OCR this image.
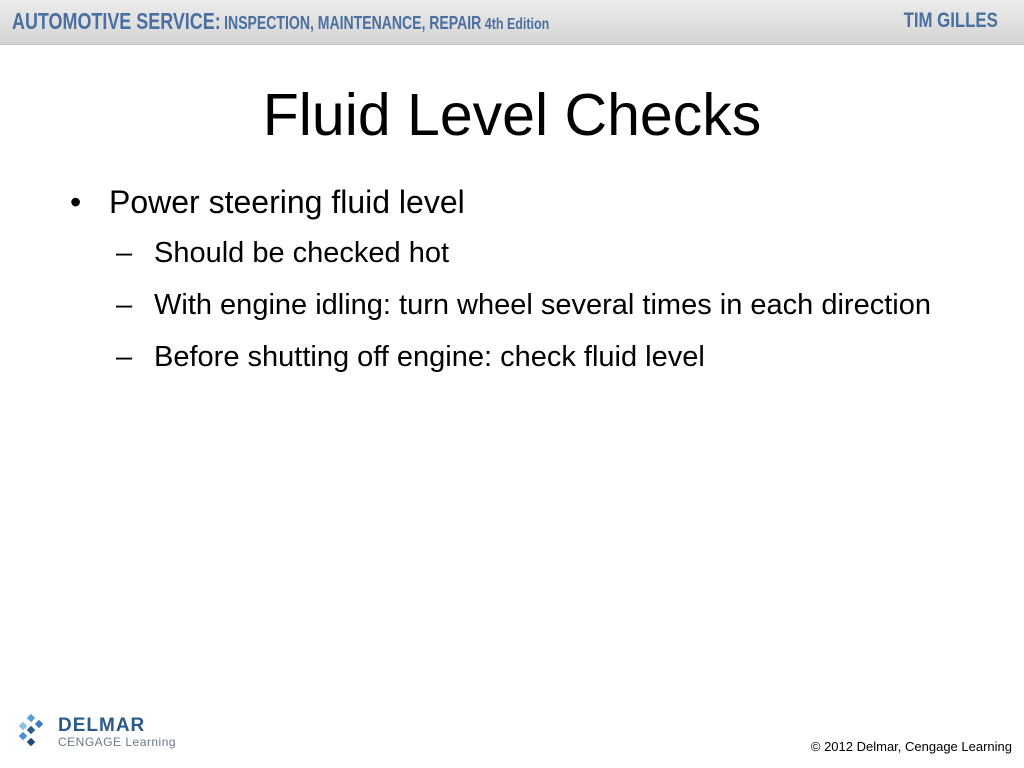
AUTOMOTIVE SERVICE: INSPECTION, MAINTENANCE, REPAIR 4th Edition	TIM GILLES
Fluid Level Checks
• Power steering fluid level
– Should be checked hot
– With engine idling: turn wheel several times in each direction
– Before shutting off engine: check fluid level
DELMAR
CENGAGE Learning	© 2012 Delmar, Cengage Learning
